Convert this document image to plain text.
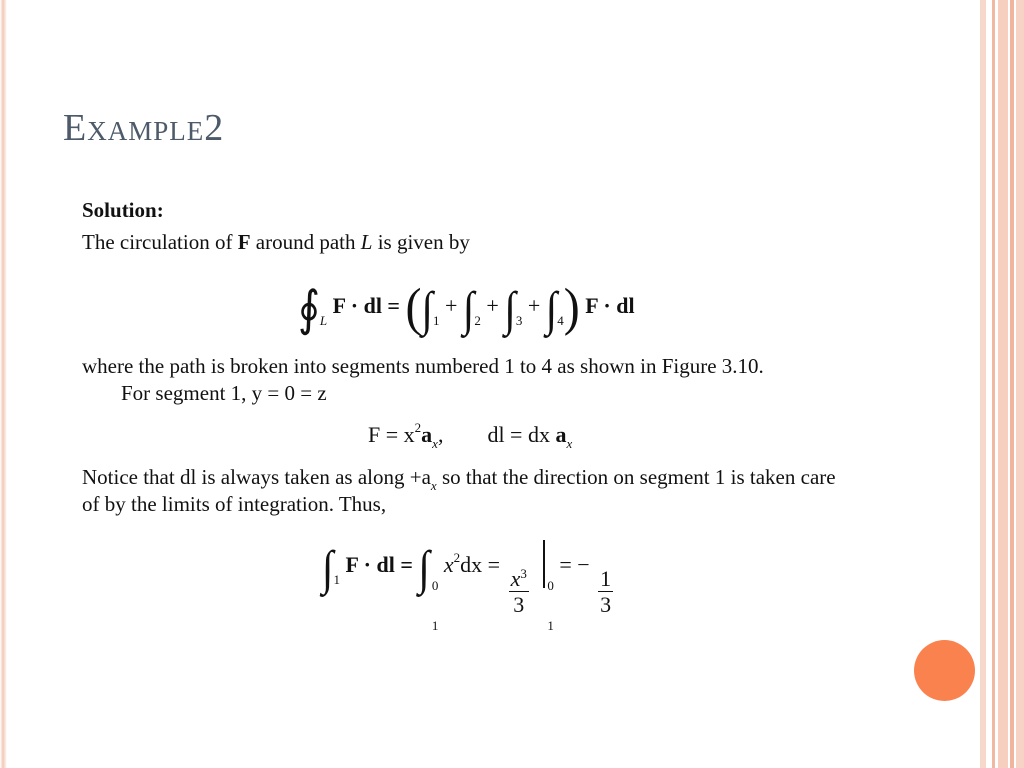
Example2
Solution:
The circulation of F around path L is given by
$∮_L$ F · dl = $(\int_1 + \int_2 + \int_3 + \int_4) F$ · dl
where the path is broken into segments numbered 1 to 4 as shown in Figure 3.10.
For segment 1, y = 0 = z
$F = x^2a_x$, dl = dx $a_x$
Notice that dl is always taken as along $+a_x$ so that the direction on segment 1 is taken care
of by the limits of integration. Thus,
$\int_1$ F · dl = ∫ 0
1
$x^2dx$ =
$\frac{x^3}{3}$
0
1
= −
$\frac{1}{3}$
